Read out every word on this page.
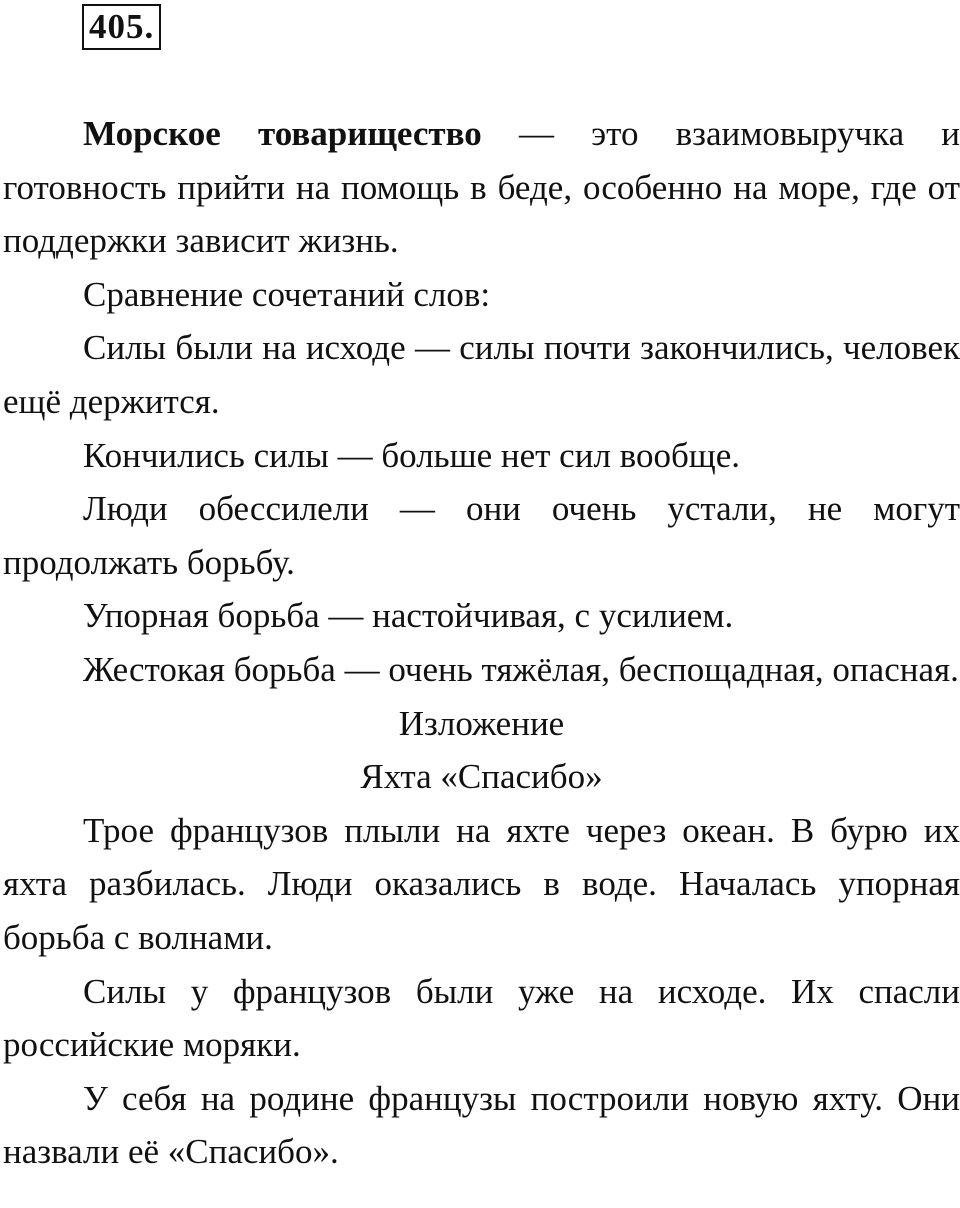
405.

Морское товарищество — это взаимовыручка и готовность прийти на помощь в беде, особенно на море, где от поддержки зависит жизнь.

Сравнение сочетаний слов:

Силы были на исходе — силы почти закончились, человек ещё держится.

Кончились силы — больше нет сил вообще.

Люди обессилели — они очень устали, не могут продолжать борьбу.

Упорная борьба — настойчивая, с усилием.

Жестокая борьба — очень тяжёлая, беспощадная, опасная.

Изложение

Яхта «Спасибо»

Трое французов плыли на яхте через океан. В бурю их яхта разбилась. Люди оказались в воде. Началась упорная борьба с волнами.

Силы у французов были уже на исходе. Их спасли российские моряки.

У себя на родине французы построили новую яхту. Они назвали её «Спасибо».
